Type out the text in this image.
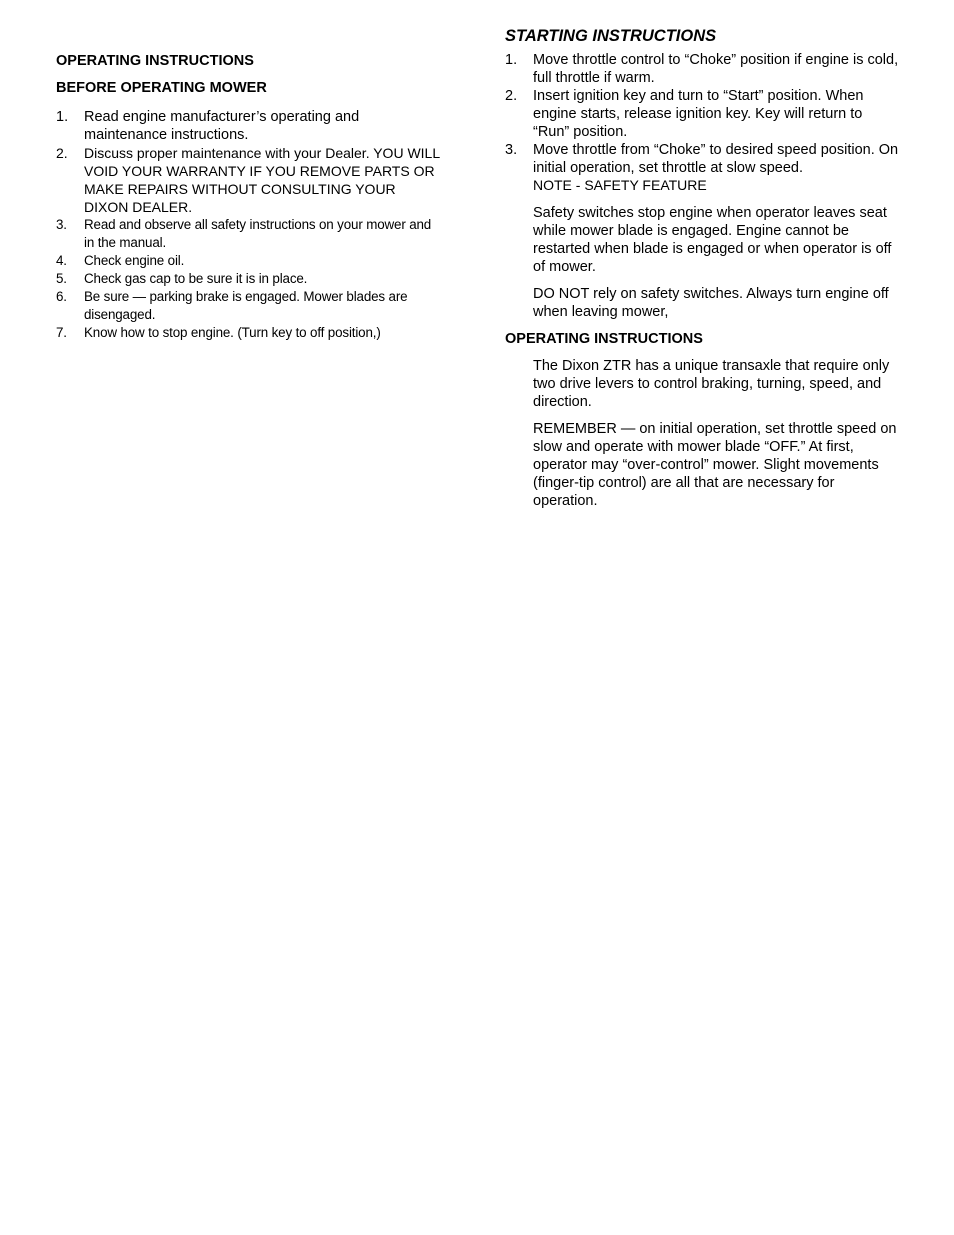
OPERATING INSTRUCTIONS
BEFORE OPERATING MOWER
1. Read engine manufacturer’s operating and maintenance instructions.
2. Discuss proper maintenance with your Dealer. YOU WILL VOID YOUR WARRANTY IF YOU REMOVE PARTS OR MAKE REPAIRS WITHOUT CONSULTING YOUR DIXON DEALER.
3. Read and observe all safety instructions on your mower and in the manual.
4. Check engine oil.
5. Check gas cap to be sure it is in place.
6. Be sure — parking brake is engaged. Mower blades are disengaged.
7. Know how to stop engine. (Turn key to off position,)
STARTING INSTRUCTIONS
1. Move throttle control to “Choke” position if engine is cold, full throttle if warm.
2. Insert ignition key and turn to “Start” position. When engine starts, release ignition key. Key will return to “Run” position.
3. Move throttle from “Choke” to desired speed position. On initial operation, set throttle at slow speed.
NOTE - SAFETY FEATURE

Safety switches stop engine when operator leaves seat while mower blade is engaged. Engine cannot be restarted when blade is engaged or when operator is off of mower.

DO NOT rely on safety switches. Always turn engine off when leaving mower,

OPERATING INSTRUCTIONS

The Dixon ZTR has a unique transaxle that require only two drive levers to control braking, turning, speed, and direction.

REMEMBER — on initial operation, set throttle speed on slow and operate with mower blade “OFF.” At first, operator may “over-control” mower. Slight movements (finger-tip control) are all that are necessary for operation.
